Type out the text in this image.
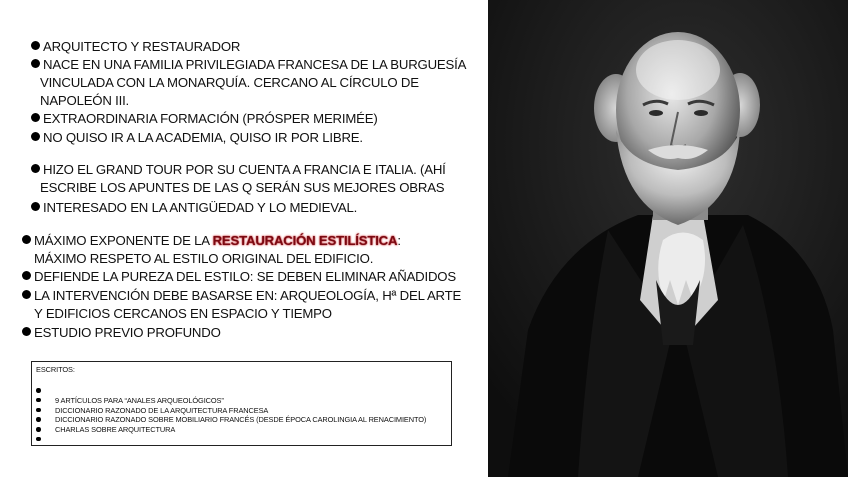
ARQUITECTO Y RESTAURADOR
NACE EN UNA FAMILIA PRIVILEGIADA FRANCESA DE LA BURGUESÍA
VINCULADA CON LA MONARQUÍA. CERCANO AL CÍRCULO DE
NAPOLEÓN III.
EXTRAORDINARIA FORMACIÓN (PRÓSPER MERIMÉE)
NO QUISO IR A LA ACADEMIA, QUISO IR POR LIBRE.
HIZO EL GRAND TOUR POR SU CUENTA A FRANCIA E ITALIA. (AHÍ
ESCRIBE LOS APUNTES DE LAS Q SERÁN SUS MEJORES OBRAS
INTERESADO EN LA ANTIGÜEDAD Y LO MEDIEVAL.
MÁXIMO EXPONENTE DE LA RESTAURACIÓN ESTILÍSTICA:
MÁXIMO RESPETO AL ESTILO ORIGINAL DEL EDIFICIO.
DEFIENDE LA PUREZA DEL ESTILO: SE DEBEN ELIMINAR AÑADIDOS
LA INTERVENCIÓN DEBE BASARSE EN: ARQUEOLOGÍA, Hª DEL ARTE
Y EDIFICIOS CERCANOS EN ESPACIO Y TIEMPO
ESTUDIO PREVIO PROFUNDO
ESCRITOS:
9 ARTÍCULOS PARA “ANALES ARQUEOLÓGICOS”
DICCIONARIO RAZONADO DE LA ARQUITECTURA FRANCESA
DICCIONARIO RAZONADO SOBRE MOBILIARIO FRANCÉS (DESDE ÉPOCA CAROLINGIA AL RENACIMIENTO)
CHARLAS SOBRE ARQUITECTURA
